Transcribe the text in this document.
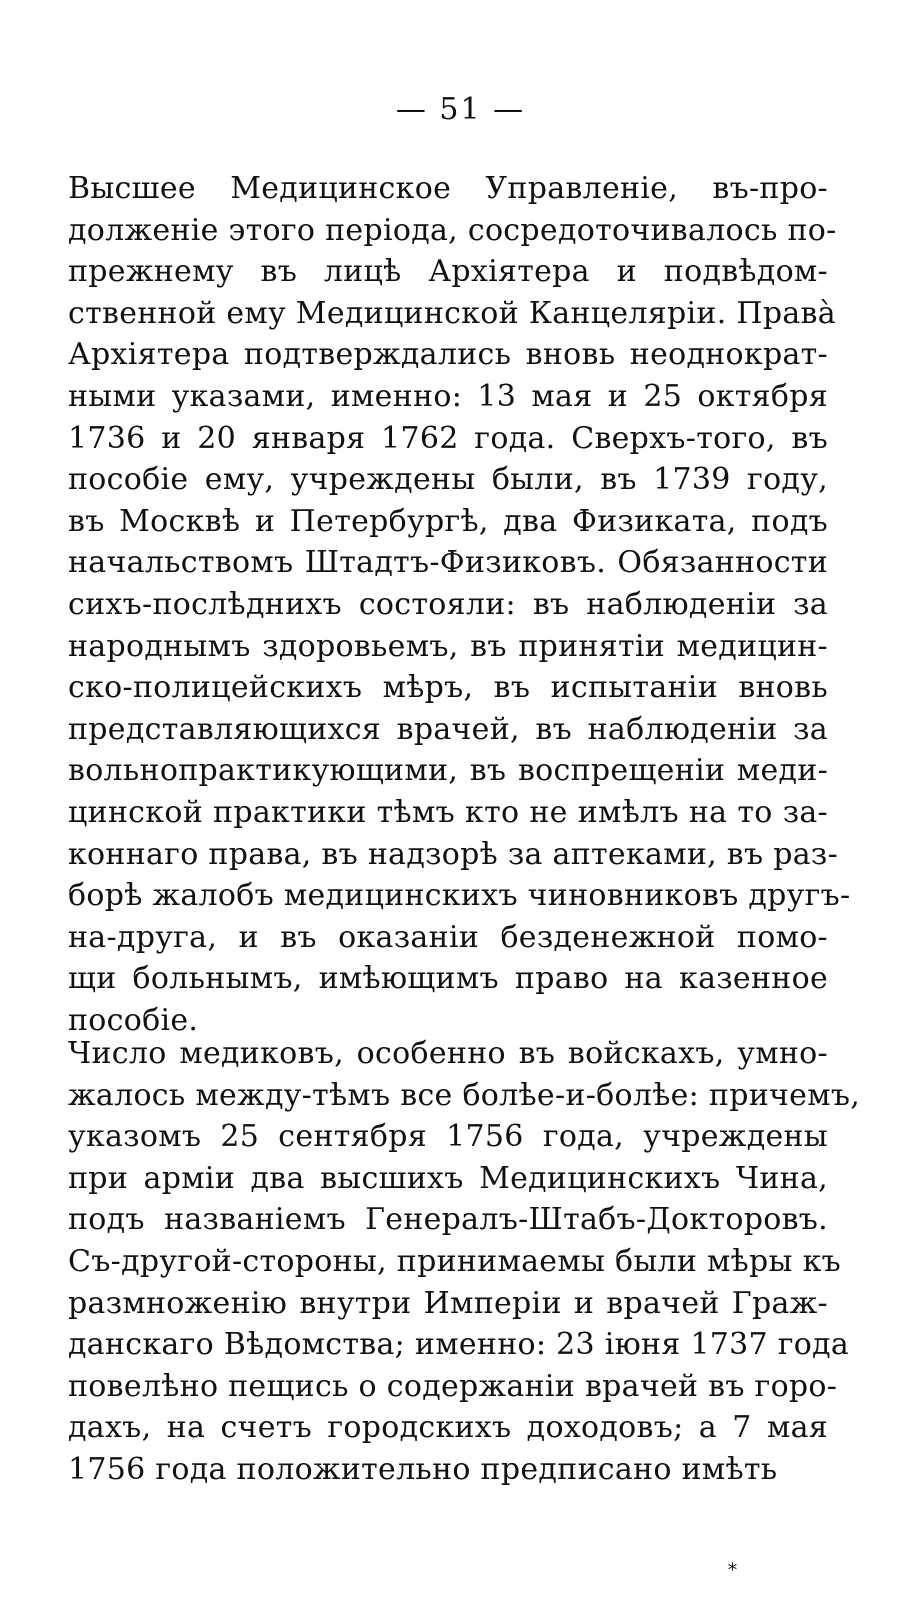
— 51 —
Высшее Медицинское Управленіе, въ-про-
долженіе этого періода, сосредоточивалось по-
прежнему въ лицѣ Архіятера и подвѣдом-
ственной ему Медицинской Канцеляріи. Правà
Архіятера подтверждались вновь неоднократ-
ными указами, именно: 13 мая и 25 октября
1736 и 20 января 1762 года. Сверхъ-того, въ
пособіе ему, учреждены были, въ 1739 году,
въ Москвѣ и Петербургѣ, два Физиката, подъ
начальствомъ Штадтъ-Физиковъ. Обязанности
сихъ-послѣднихъ состояли: въ наблюденіи за
народнымъ здоровьемъ, въ принятіи медицин-
ско-полицейскихъ мѣръ, въ испытаніи вновь
представляющихся врачей, въ наблюденіи за
вольнопрактикующими, въ воспрещеніи меди-
цинской практики тѣмъ кто не имѣлъ на то за-
коннаго права, въ надзорѣ за аптеками, въ раз-
борѣ жалобъ медицинскихъ чиновниковъ другъ-
на-друга, и въ оказаніи безденежной помо-
щи больнымъ, имѣющимъ право на казенное
пособіе.
Число медиковъ, особенно въ войскахъ, умно-
жалось между-тѣмъ все болѣе-и-болѣе: причемъ,
указомъ 25 сентября 1756 года, учреждены
при арміи два высшихъ Медицинскихъ Чина,
подъ названіемъ Генералъ-Штабъ-Докторовъ.
Съ-другой-стороны, принимаемы были мѣры къ
размноженію внутри Имперіи и врачей Граж-
данскаго Вѣдомства; именно: 23 іюня 1737 года
повелѣно пещись о содержаніи врачей въ горо-
дахъ, на счетъ городскихъ доходовъ; а 7 мая
1756 года положительно предписано имѣть
*
